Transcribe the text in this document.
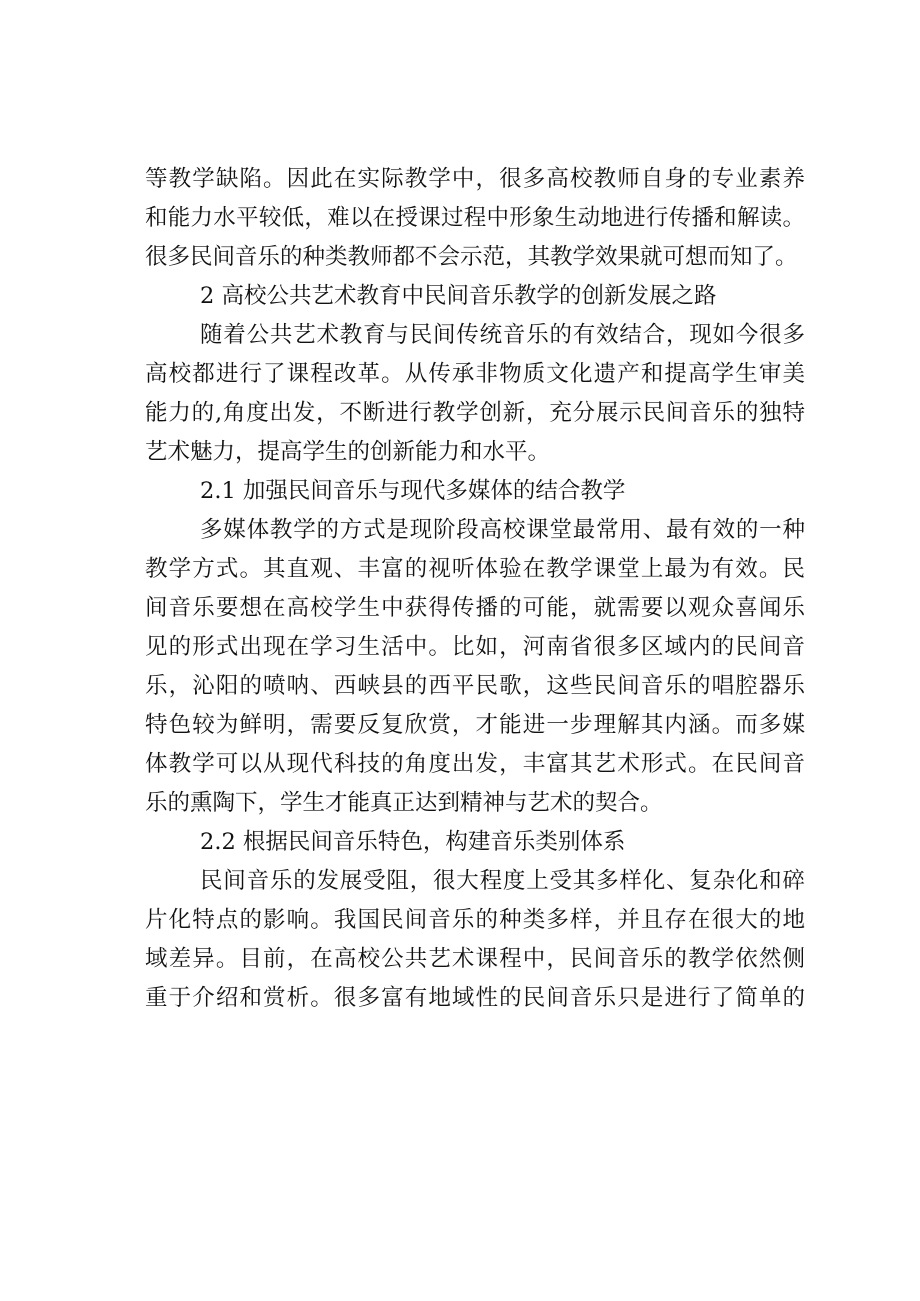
等教学缺陷。因此在实际教学中，很多高校教师自身的专业素养
和能力水平较低，难以在授课过程中形象生动地进行传播和解读。
很多民间音乐的种类教师都不会示范，其教学效果就可想而知了。
2 高校公共艺术教育中民间音乐教学的创新发展之路
随着公共艺术教育与民间传统音乐的有效结合，现如今很多
高校都进行了课程改革。从传承非物质文化遗产和提高学生审美
能力的,角度出发，不断进行教学创新，充分展示民间音乐的独特
艺术魅力，提高学生的创新能力和水平。
2.1 加强民间音乐与现代多媒体的结合教学
多媒体教学的方式是现阶段高校课堂最常用、最有效的一种
教学方式。其直观、丰富的视听体验在教学课堂上最为有效。民
间音乐要想在高校学生中获得传播的可能，就需要以观众喜闻乐
见的形式出现在学习生活中。比如，河南省很多区域内的民间音
乐，沁阳的喷呐、西峡县的西平民歌，这些民间音乐的唱腔器乐
特色较为鲜明，需要反复欣赏，才能进一步理解其内涵。而多媒
体教学可以从现代科技的角度出发，丰富其艺术形式。在民间音
乐的熏陶下，学生才能真正达到精神与艺术的契合。
2.2 根据民间音乐特色，构建音乐类别体系
民间音乐的发展受阻，很大程度上受其多样化、复杂化和碎
片化特点的影响。我国民间音乐的种类多样，并且存在很大的地
域差异。目前，在高校公共艺术课程中，民间音乐的教学依然侧
重于介绍和赏析。很多富有地域性的民间音乐只是进行了简单的
